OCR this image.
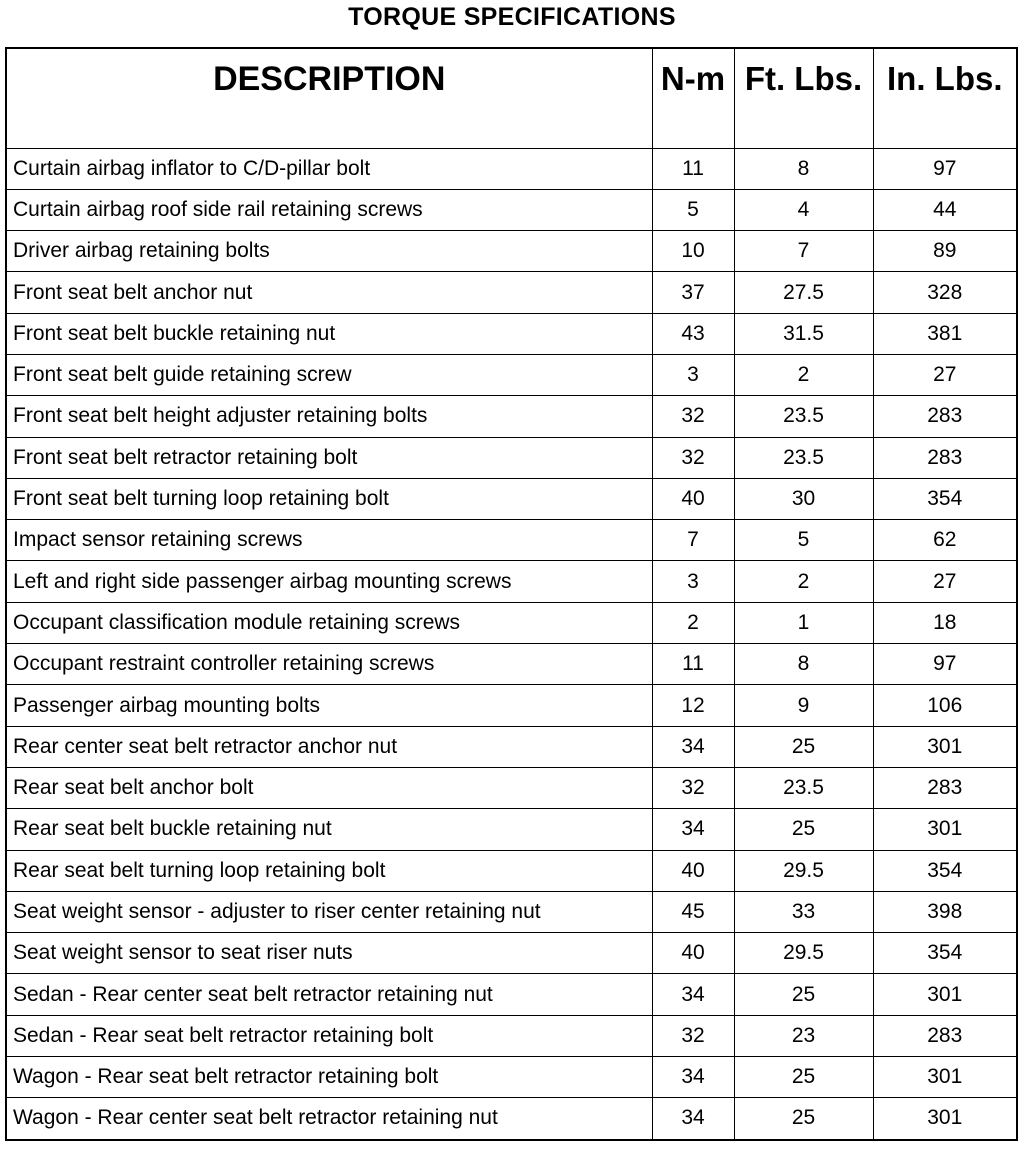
TORQUE SPECIFICATIONS
DESCRIPTION	N-m	Ft. Lbs.	In. Lbs.
Curtain airbag inflator to C/D-pillar bolt	11	8	97
Curtain airbag roof side rail retaining screws	5	4	44
Driver airbag retaining bolts	10	7	89
Front seat belt anchor nut	37	27.5	328
Front seat belt buckle retaining nut	43	31.5	381
Front seat belt guide retaining screw	3	2	27
Front seat belt height adjuster retaining bolts	32	23.5	283
Front seat belt retractor retaining bolt	32	23.5	283
Front seat belt turning loop retaining bolt	40	30	354
Impact sensor retaining screws	7	5	62
Left and right side passenger airbag mounting screws	3	2	27
Occupant classification module retaining screws	2	1	18
Occupant restraint controller retaining screws	11	8	97
Passenger airbag mounting bolts	12	9	106
Rear center seat belt retractor anchor nut	34	25	301
Rear seat belt anchor bolt	32	23.5	283
Rear seat belt buckle retaining nut	34	25	301
Rear seat belt turning loop retaining bolt	40	29.5	354
Seat weight sensor - adjuster to riser center retaining nut	45	33	398
Seat weight sensor to seat riser nuts	40	29.5	354
Sedan - Rear center seat belt retractor retaining nut	34	25	301
Sedan - Rear seat belt retractor retaining bolt	32	23	283
Wagon - Rear seat belt retractor retaining bolt	34	25	301
Wagon - Rear center seat belt retractor retaining nut	34	25	301
